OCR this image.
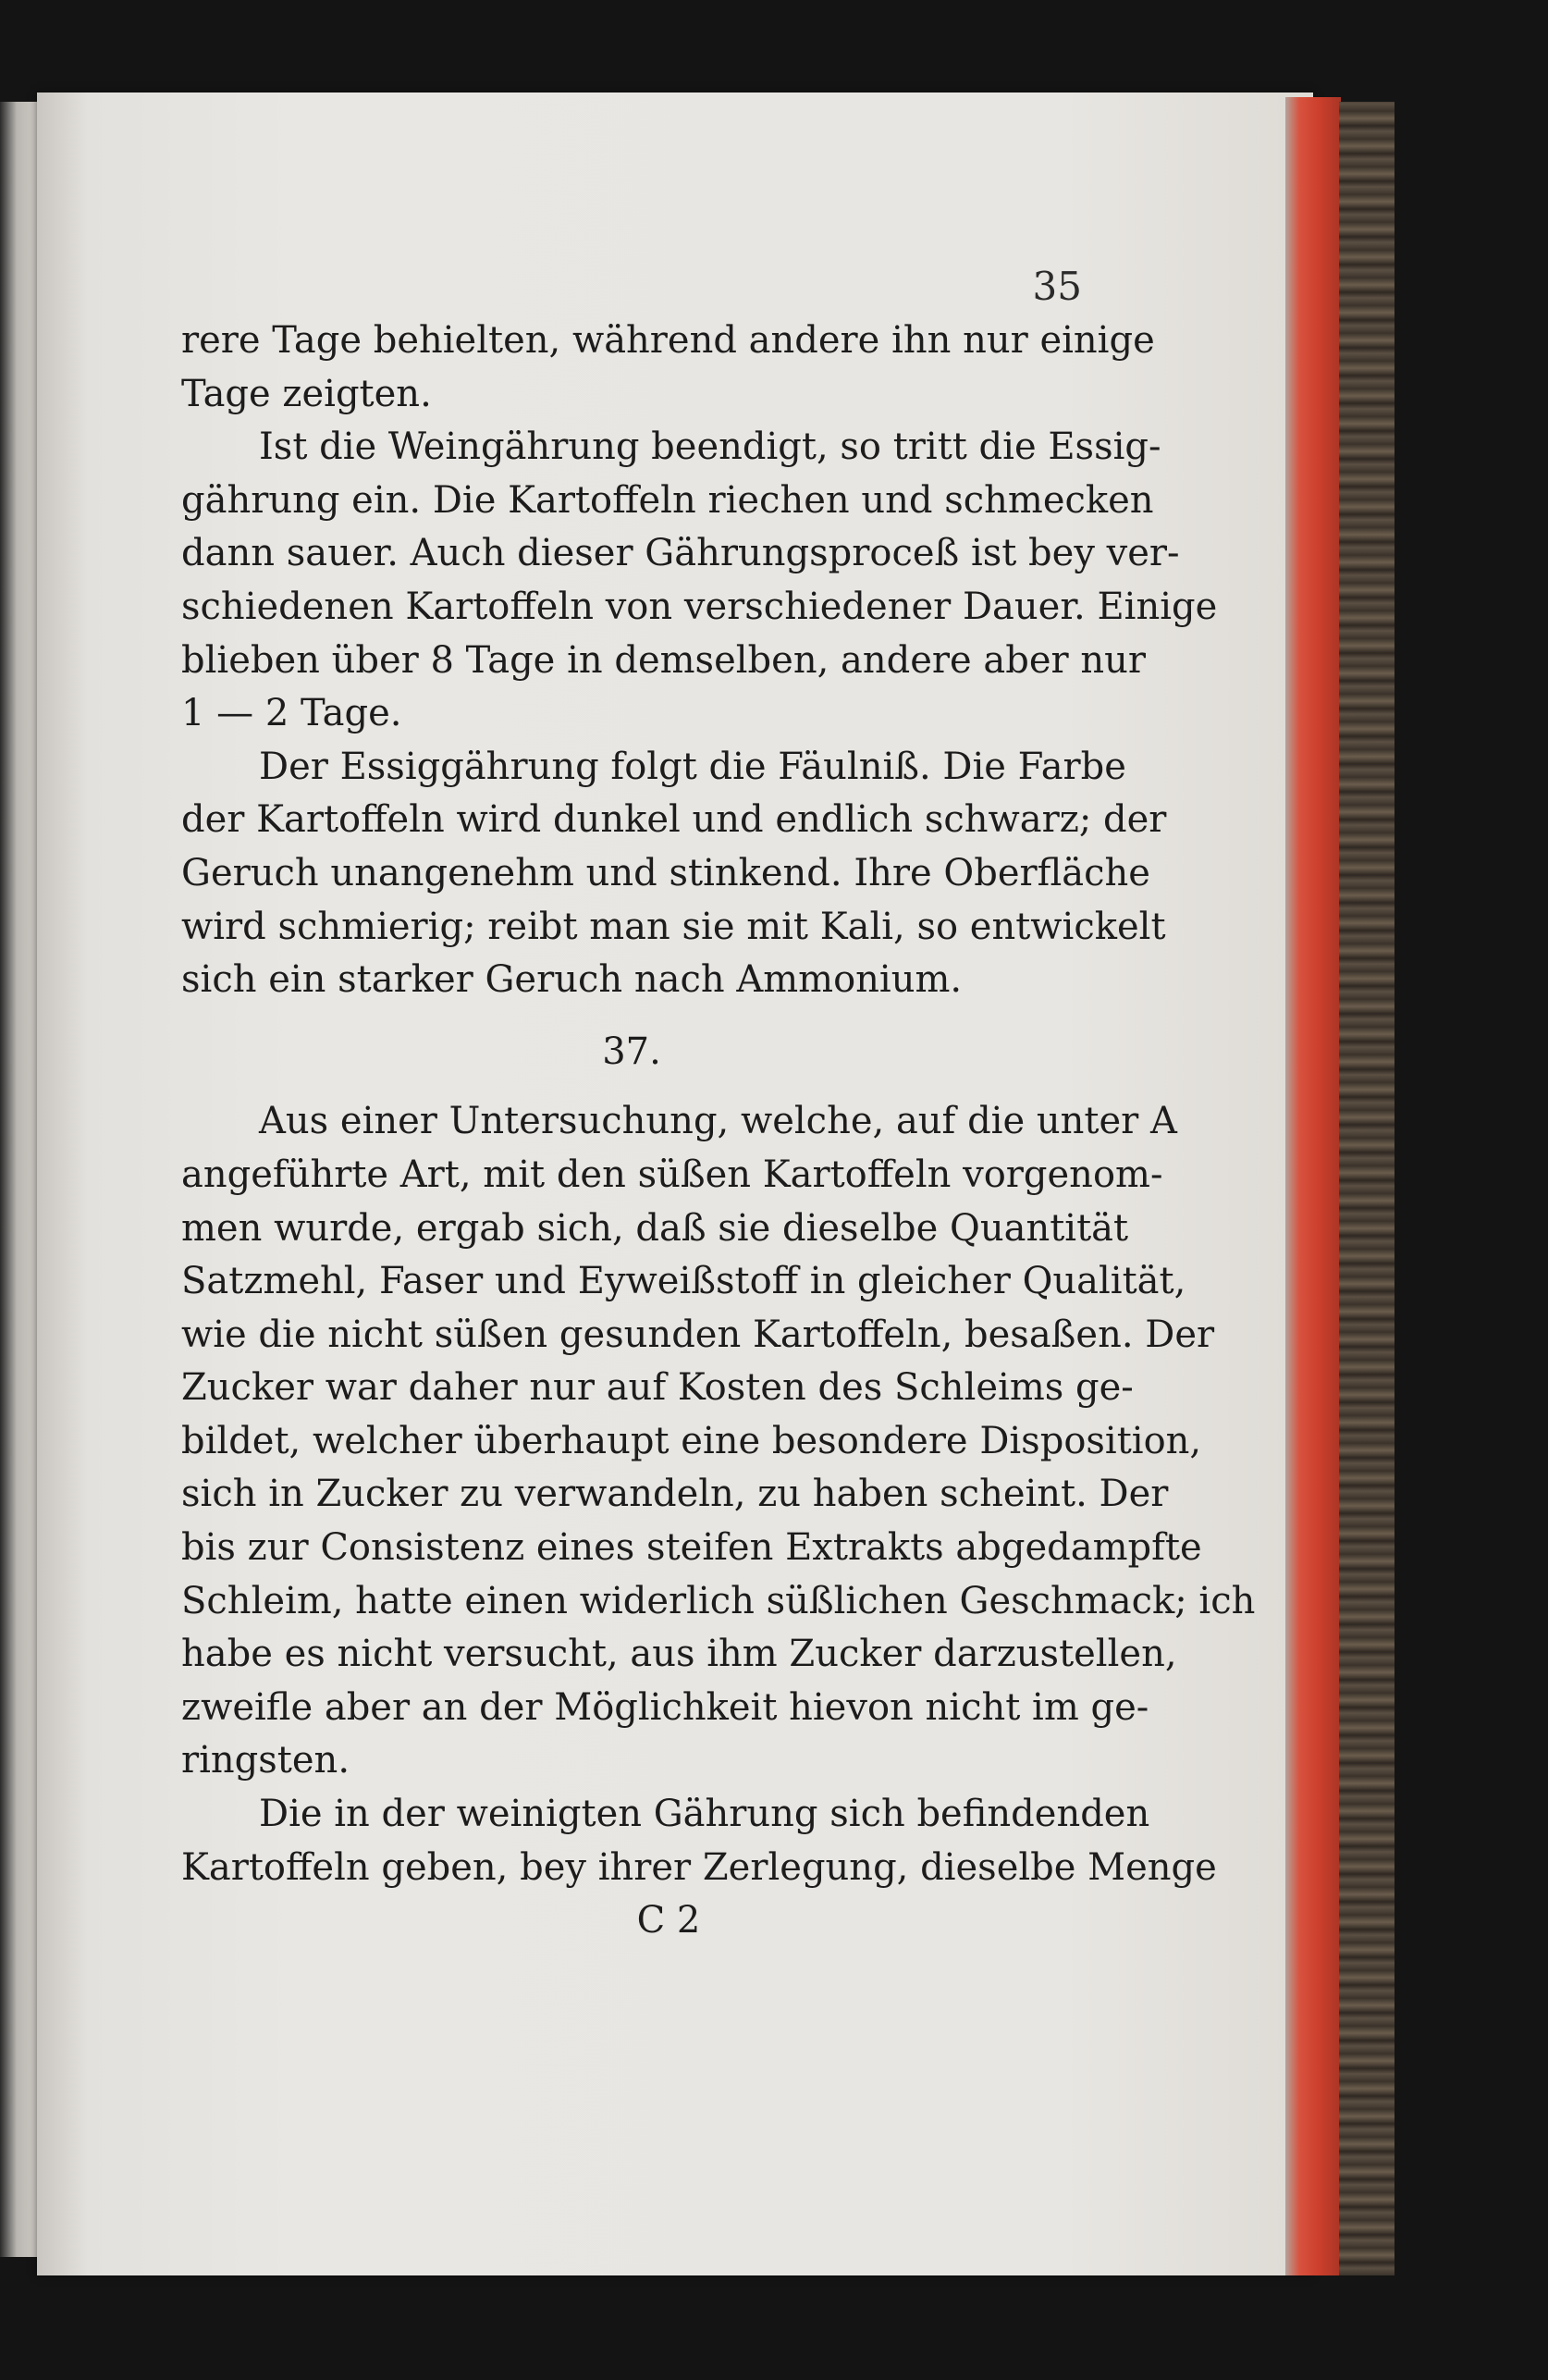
35
rere Tage behielten, während andere ihn nur einige
Tage zeigten.
Ist die Weingährung beendigt, so tritt die Essig-
gährung ein. Die Kartoffeln riechen und schmecken
dann sauer. Auch dieser Gährungsproceß ist bey ver-
schiedenen Kartoffeln von verschiedener Dauer. Einige
blieben über 8 Tage in demselben, andere aber nur
1 — 2 Tage.
Der Essiggährung folgt die Fäulniß. Die Farbe
der Kartoffeln wird dunkel und endlich schwarz; der
Geruch unangenehm und stinkend. Ihre Oberfläche
wird schmierig; reibt man sie mit Kali, so entwickelt
sich ein starker Geruch nach Ammonium.
37.
Aus einer Untersuchung, welche, auf die unter A
angeführte Art, mit den süßen Kartoffeln vorgenom-
men wurde, ergab sich, daß sie dieselbe Quantität
Satzmehl, Faser und Eyweißstoff in gleicher Qualität,
wie die nicht süßen gesunden Kartoffeln, besaßen. Der
Zucker war daher nur auf Kosten des Schleims ge-
bildet, welcher überhaupt eine besondere Disposition,
sich in Zucker zu verwandeln, zu haben scheint. Der
bis zur Consistenz eines steifen Extrakts abgedampfte
Schleim, hatte einen widerlich süßlichen Geschmack; ich
habe es nicht versucht, aus ihm Zucker darzustellen,
zweifle aber an der Möglichkeit hievon nicht im ge-
ringsten.
Die in der weinigten Gährung sich befindenden
Kartoffeln geben, bey ihrer Zerlegung, dieselbe Menge
C 2
